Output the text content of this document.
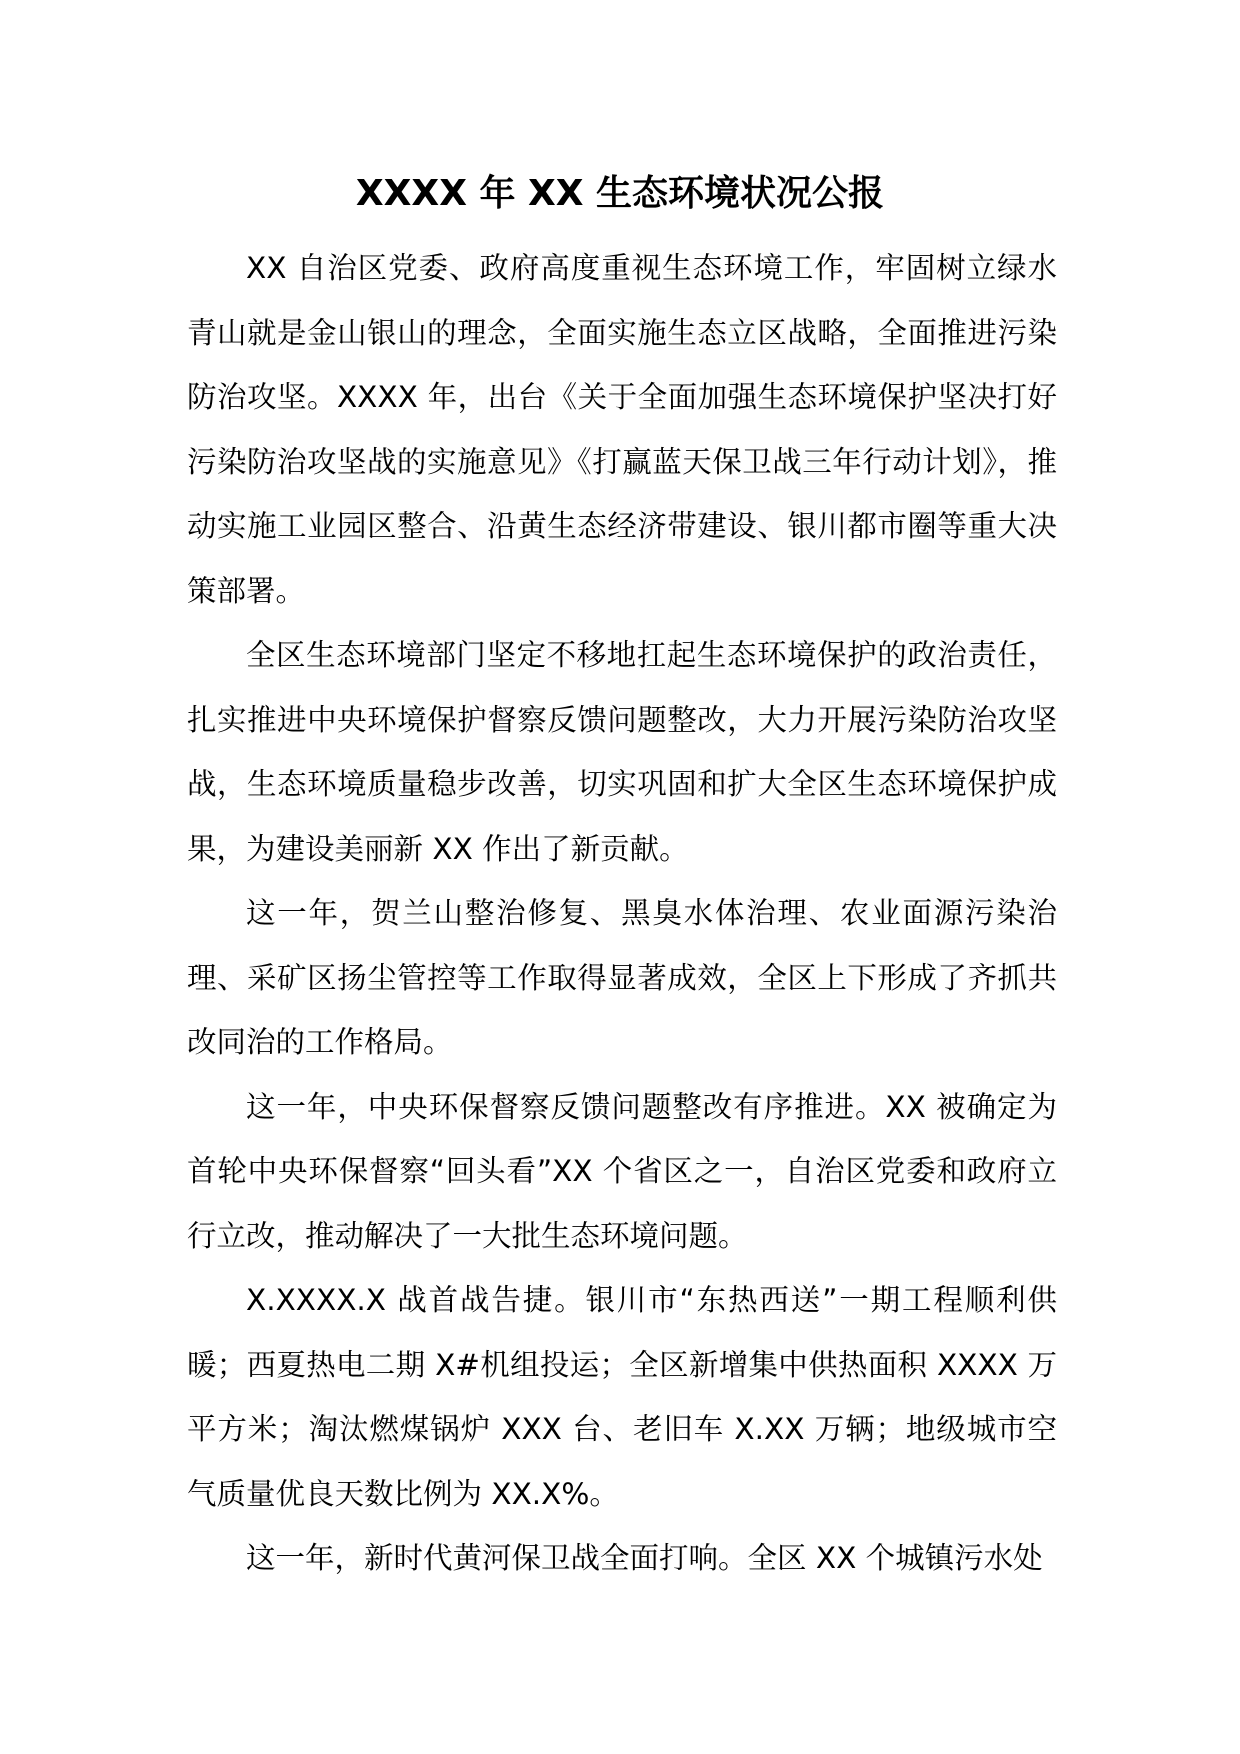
XXXX 年 XX 生态环境状况公报

XX 自治区党委、政府高度重视生态环境工作，牢固树立绿水青山就是金山银山的理念，全面实施生态立区战略，全面推进污染防治攻坚。XXXX 年，出台《关于全面加强生态环境保护坚决打好污染防治攻坚战的实施意见》《打赢蓝天保卫战三年行动计划》，推动实施工业园区整合、沿黄生态经济带建设、银川都市圈等重大决策部署。

全区生态环境部门坚定不移地扛起生态环境保护的政治责任，扎实推进中央环境保护督察反馈问题整改，大力开展污染防治攻坚战，生态环境质量稳步改善，切实巩固和扩大全区生态环境保护成果，为建设美丽新 XX 作出了新贡献。

这一年，贺兰山整治修复、黑臭水体治理、农业面源污染治理、采矿区扬尘管控等工作取得显著成效，全区上下形成了齐抓共改同治的工作格局。

这一年，中央环保督察反馈问题整改有序推进。XX 被确定为首轮中央环保督察“回头看”XX 个省区之一，自治区党委和政府立行立改，推动解决了一大批生态环境问题。

X.XXXX.X 战首战告捷。银川市“东热西送”一期工程顺利供暖；西夏热电二期 X#机组投运；全区新增集中供热面积 XXXX 万平方米；淘汰燃煤锅炉 XXX 台、老旧车 X.XX 万辆；地级城市空气质量优良天数比例为 XX.X%。

这一年，新时代黄河保卫战全面打响。全区 XX 个城镇污水处
